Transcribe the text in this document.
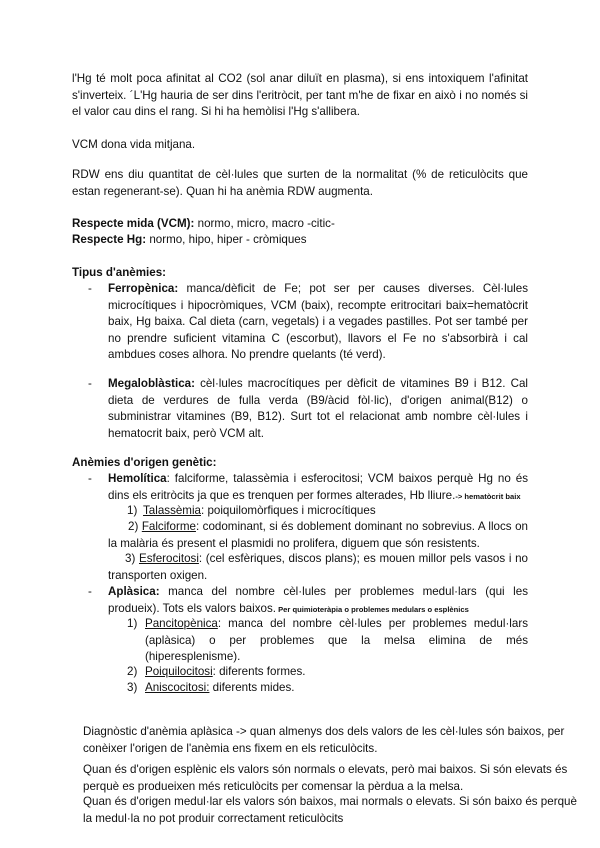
l'Hg té molt poca afinitat al CO2 (sol anar diluït en plasma), si ens intoxiquem l'afinitat s'inverteix. ´L'Hg hauria de ser dins l'eritròcit, per tant m'he de fixar en això i no només si el valor cau dins el rang. Si hi ha hemòlisi l'Hg s'allibera.

VCM dona vida mitjana.

RDW ens diu quantitat de cèl·lules que surten de la normalitat (% de reticulòcits que estan regenerant-se). Quan hi ha anèmia RDW augmenta.

Respecte mida (VCM): normo, micro, macro -citic-

Respecte Hg: normo, hipo, hiper - cròmiques

Tipus d'anèmies:

- Ferropènica: manca/dèficit de Fe; pot ser per causes diverses. Cèl·lules microcítiques i hipocròmiques, VCM (baix), recompte eritrocitari baix=hematòcrit baix, Hg baixa. Cal dieta (carn, vegetals) i a vegades pastilles. Pot ser també per no prendre suficient vitamina C (escorbut), llavors el Fe no s'absorbirà i cal ambdues coses alhora. No prendre quelants (té verd).

- Megaloblàstica: cèl·lules macrocítiques per dèficit de vitamines B9 i B12. Cal dieta de verdures de fulla verda (B9/àcid fòl·lic), d'origen animal(B12) o subministrar vitamines (B9, B12). Surt tot el relacionat amb nombre cèl·lules i hematocrit baix, però VCM alt.

Anèmies d'origen genètic:

- Hemolítica: falciforme, talassèmia i esferocitosi; VCM baixos perquè Hg no és dins els eritròcits ja que es trenquen per formes alterades, Hb lliure.-> hematòcrit baix

1) Talassèmia: poiquilomòrfiques i microcítiques

2) Falciforme: codominant, si és doblement dominant no sobrevius. A llocs on la malària és present el plasmidi no prolifera, diguem que són resistents.

3) Esferocitosi: (cel esfèriques, discos plans); es mouen millor pels vasos i no transporten oxigen.

- Aplàsica: manca del nombre cèl·lules per problemes medul·lars (qui les produeix). Tots els valors baixos. Per quimioteràpia o problemes medulars o esplènics

1) Pancitopènica: manca del nombre cèl·lules per problemes medul·lars (aplàsica) o per problemes que la melsa elimina de més (hiperesplenisme).

2) Poiquilocitosi: diferents formes.

3) Aniscocitosi: diferents mides.

Diagnòstic d'anèmia aplàsica -> quan almenys dos dels valors de les cèl·lules són baixos, per conèixer l'origen de l'anèmia ens fixem en els reticulòcits.

Quan és d'origen esplènic els valors són normals o elevats, però mai baixos. Si són elevats és perquè es produeixen més reticulòcits per comensar la pèrdua a la melsa.

Quan és d'origen medul·lar els valors són baixos, mai normals o elevats. Si són baixo és perquè la medul·la no pot produir correctament reticulòcits
